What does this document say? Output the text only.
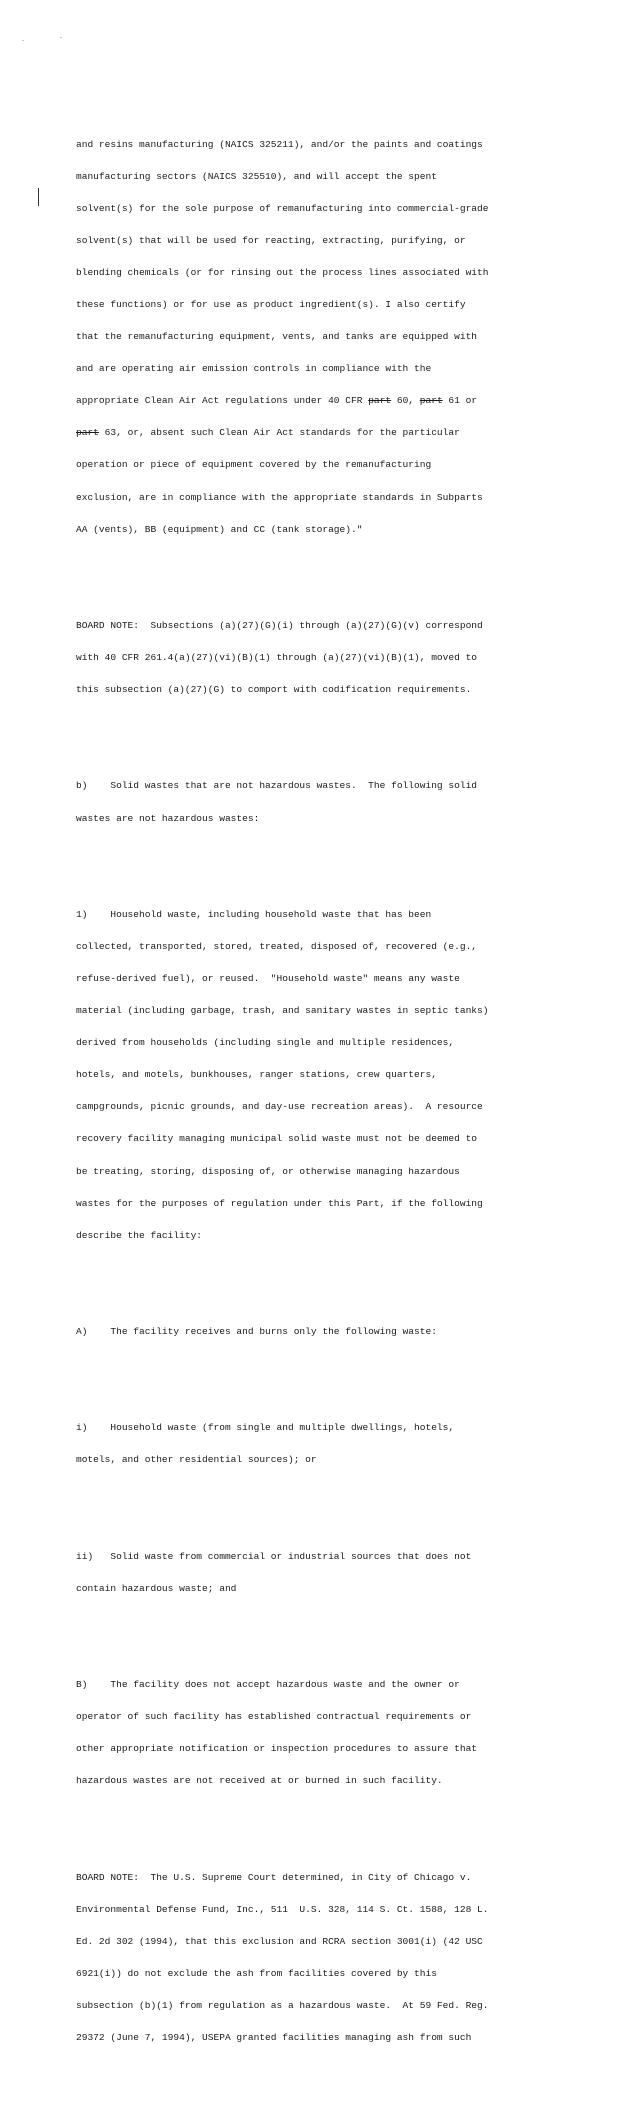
and resins manufacturing (NAICS 325211), and/or the paints and coatings

manufacturing sectors (NAICS 325510), and will accept the spent

solvent(s) for the sole purpose of remanufacturing into commercial-grade

solvent(s) that will be used for reacting, extracting, purifying, or

blending chemicals (or for rinsing out the process lines associated with

these functions) or for use as product ingredient(s). I also certify

that the remanufacturing equipment, vents, and tanks are equipped with

and are operating air emission controls in compliance with the

appropriate Clean Air Act regulations under 40 CFR part 60, part 61 or

part 63, or, absent such Clean Air Act standards for the particular

operation or piece of equipment covered by the remanufacturing

exclusion, are in compliance with the appropriate standards in Subparts

AA (vents), BB (equipment) and CC (tank storage)."

BOARD NOTE:  Subsections (a)(27)(G)(i) through (a)(27)(G)(v) correspond

with 40 CFR 261.4(a)(27)(vi)(B)(1) through (a)(27)(vi)(B)(1), moved to

this subsection (a)(27)(G) to comport with codification requirements.

b)    Solid wastes that are not hazardous wastes.  The following solid

wastes are not hazardous wastes:

1)    Household waste, including household waste that has been

collected, transported, stored, treated, disposed of, recovered (e.g.,

refuse-derived fuel), or reused.  "Household waste" means any waste

material (including garbage, trash, and sanitary wastes in septic tanks)

derived from households (including single and multiple residences,

hotels, and motels, bunkhouses, ranger stations, crew quarters,

campgrounds, picnic grounds, and day-use recreation areas).  A resource

recovery facility managing municipal solid waste must not be deemed to

be treating, storing, disposing of, or otherwise managing hazardous

wastes for the purposes of regulation under this Part, if the following

describe the facility:

A)    The facility receives and burns only the following waste:

i)    Household waste (from single and multiple dwellings, hotels,

motels, and other residential sources); or

ii)   Solid waste from commercial or industrial sources that does not

contain hazardous waste; and

B)    The facility does not accept hazardous waste and the owner or

operator of such facility has established contractual requirements or

other appropriate notification or inspection procedures to assure that

hazardous wastes are not received at or burned in such facility.

BOARD NOTE:  The U.S. Supreme Court determined, in City of Chicago v.

Environmental Defense Fund, Inc., 511  U.S. 328, 114 S. Ct. 1588, 128 L.

Ed. 2d 302 (1994), that this exclusion and RCRA section 3001(i) (42 USC

6921(i)) do not exclude the ash from facilities covered by this

subsection (b)(1) from regulation as a hazardous waste.  At 59 Fed. Reg.

29372 (June 7, 1994), USEPA granted facilities managing ash from such
